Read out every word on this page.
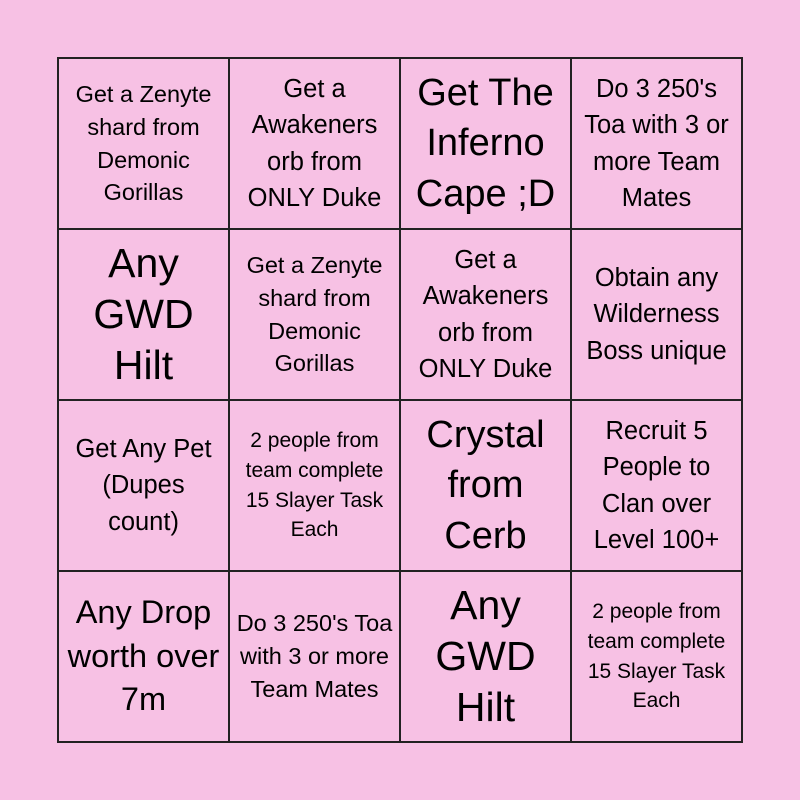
Get a Zenyte shard from Demonic Gorillas
Get a Awakeners orb from ONLY Duke
Get The Inferno Cape ;D
Do 3 250's Toa with 3 or more Team Mates
Any GWD Hilt
Get a Zenyte shard from Demonic Gorillas
Get a Awakeners orb from ONLY Duke
Obtain any Wilderness Boss unique
Get Any Pet (Dupes count)
2 people from team complete 15 Slayer Task Each
Crystal from Cerb
Recruit 5 People to Clan over Level 100+
Any Drop worth over 7m
Do 3 250's Toa with 3 or more Team Mates
Any GWD Hilt
2 people from team complete 15 Slayer Task Each
